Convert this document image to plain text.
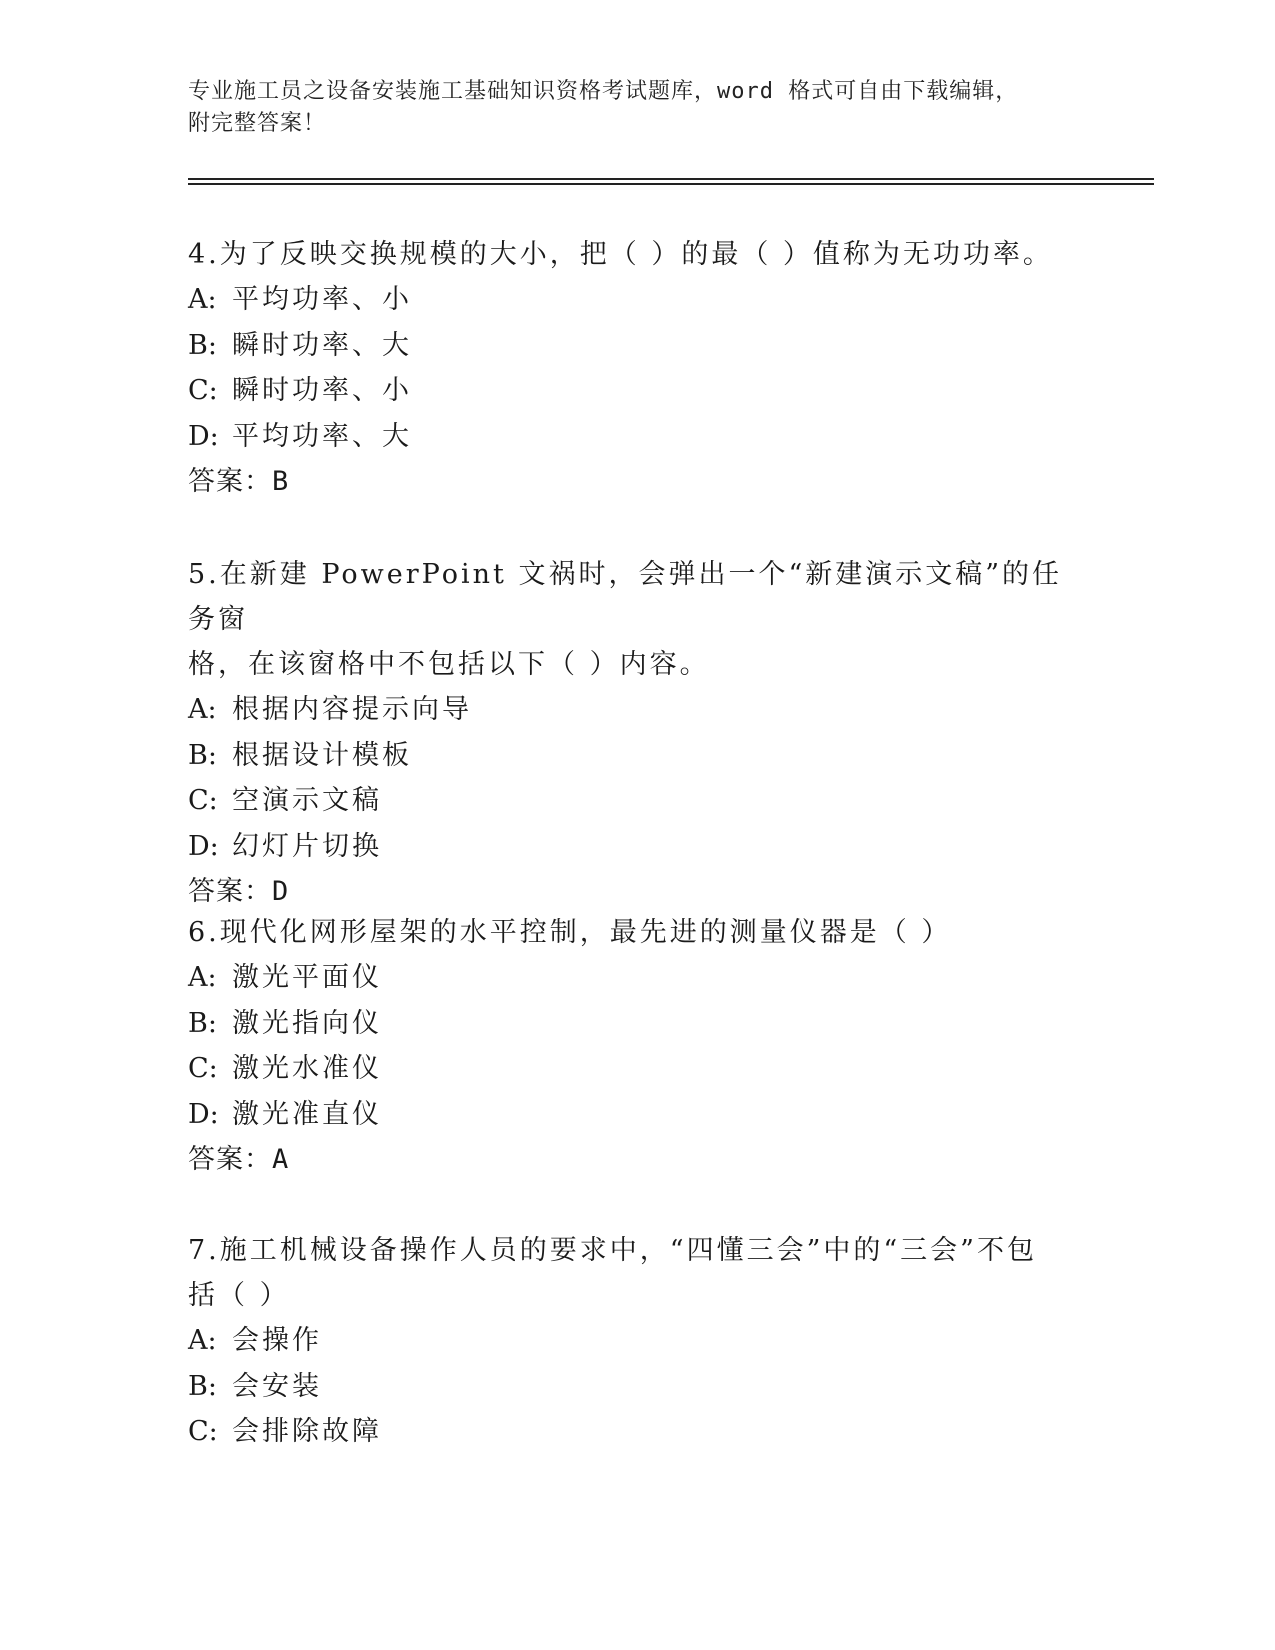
专业施工员之设备安装施工基础知识资格考试题库，word 格式可自由下载编辑，
附完整答案！

4.为了反映交换规模的大小，把（ ）的最（ ）值称为无功功率。

A: 平均功率、小

B: 瞬时功率、大

C: 瞬时功率、小

D: 平均功率、大

答案：B

5.在新建 PowerPoint 文祸时，会弹出一个“新建演示文稿”的任务窗

格，在该窗格中不包括以下（ ）内容。

A: 根据内容提示向导

B: 根据设计模板

C: 空演示文稿

D: 幻灯片切换

答案：D

6.现代化网形屋架的水平控制，最先进的测量仪器是（ ）

A: 激光平面仪

B: 激光指向仪

C: 激光水准仪

D: 激光准直仪

答案：A

7.施工机械设备操作人员的要求中，“四懂三会”中的“三会”不包

括（ ）

A: 会操作

B: 会安装

C: 会排除故障
